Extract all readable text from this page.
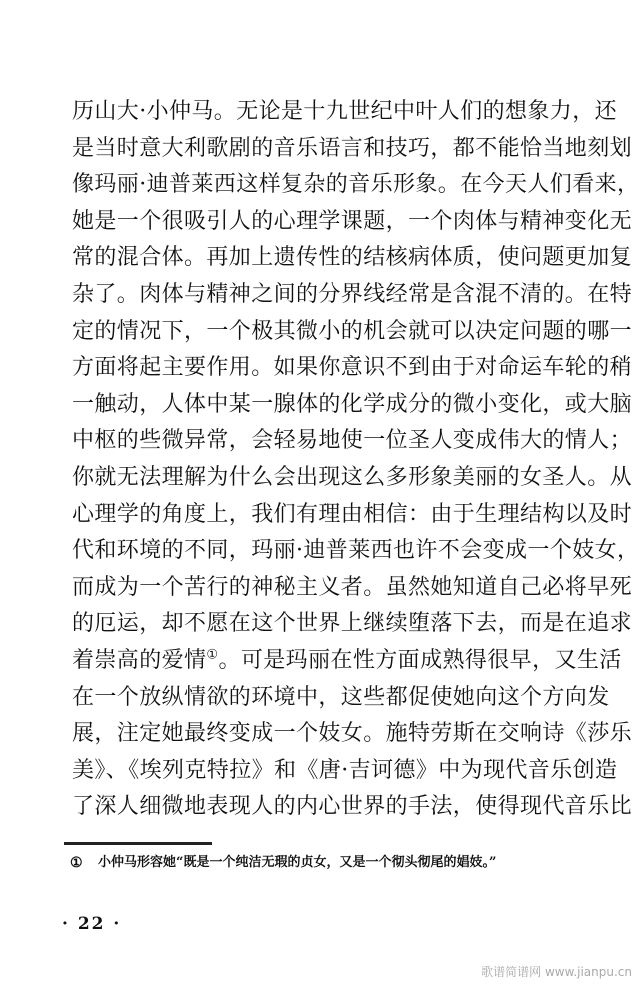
历山大·小仲马。无论是十九世纪中叶人们的想象力，还
是当时意大利歌剧的音乐语言和技巧，都不能恰当地刻划
像玛丽·迪普莱西这样复杂的音乐形象。在今天人们看来，
她是一个很吸引人的心理学课题，一个肉体与精神变化无
常的混合体。再加上遗传性的结核病体质，使问题更加复
杂了。肉体与精神之间的分界线经常是含混不清的。在特
定的情况下，一个极其微小的机会就可以决定问题的哪一
方面将起主要作用。如果你意识不到由于对命运车轮的稍
一触动，人体中某一腺体的化学成分的微小变化，或大脑
中枢的些微异常，会轻易地使一位圣人变成伟大的情人；
你就无法理解为什么会出现这么多形象美丽的女圣人。从
心理学的角度上，我们有理由相信：由于生理结构以及时
代和环境的不同，玛丽·迪普莱西也许不会变成一个妓女，
而成为一个苦行的神秘主义者。虽然她知道自己必将早死
的厄运，却不愿在这个世界上继续堕落下去，而是在追求
着崇高的爱情①。可是玛丽在性方面成熟得很早，又生活
在一个放纵情欲的环境中，这些都促使她向这个方向发
展，注定她最终变成一个妓女。施特劳斯在交响诗《莎乐
美》、《埃列克特拉》和《唐·吉诃德》中为现代音乐创造
了深人细微地表现人的内心世界的手法，使得现代音乐比
① 小仲马形容她“既是一个纯洁无瑕的贞女，又是一个彻头彻尾的娼妓。”
· 22 ·
歌谱简谱网 www.jianpu.cn
